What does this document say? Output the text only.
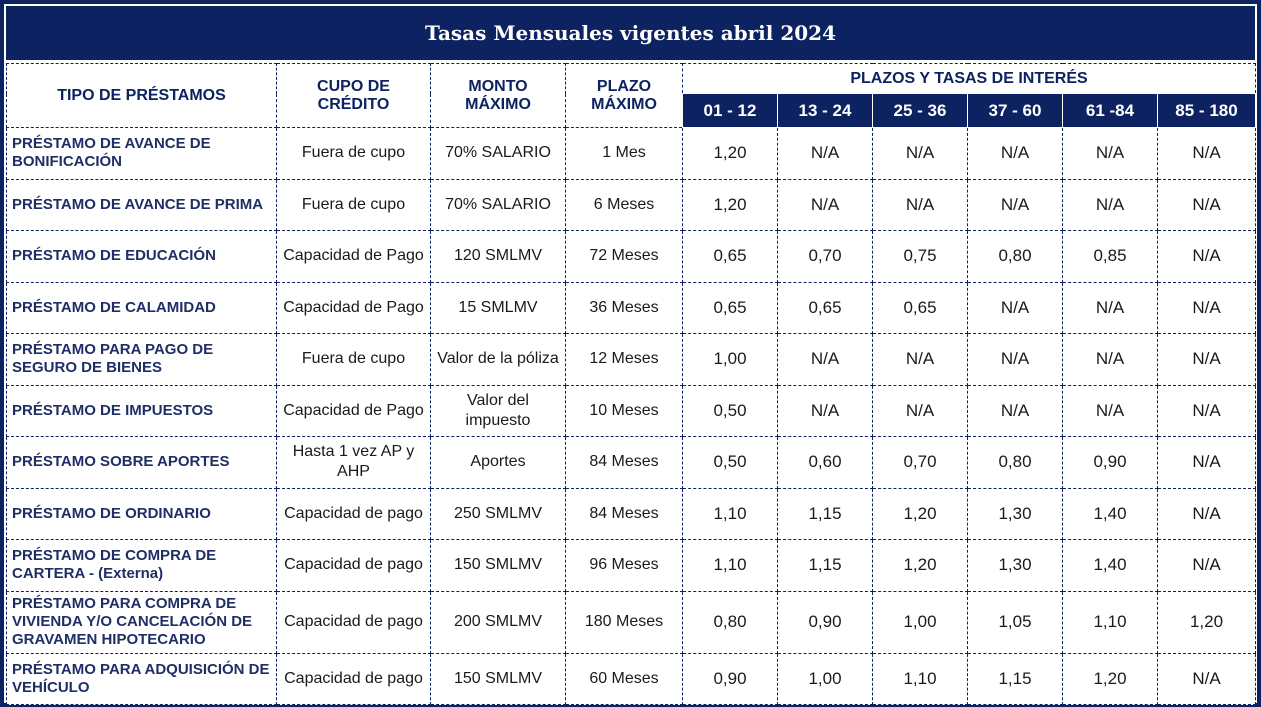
Tasas Mensuales vigentes abril 2024
TIPO DE PRÉSTAMOS	CUPO DE CRÉDITO	MONTO MÁXIMO	PLAZO MÁXIMO	PLAZOS Y TASAS DE INTERÉS					
				01 - 12	13 - 24	25 - 36	37 - 60	61 -84	85 - 180
PRÉSTAMO DE AVANCE DE BONIFICACIÓN	Fuera de cupo	70% SALARIO	1 Mes	1,20	N/A	N/A	N/A	N/A	N/A
PRÉSTAMO DE AVANCE DE PRIMA	Fuera de cupo	70% SALARIO	6 Meses	1,20	N/A	N/A	N/A	N/A	N/A
PRÉSTAMO DE EDUCACIÓN	Capacidad de Pago	120 SMLMV	72 Meses	0,65	0,70	0,75	0,80	0,85	N/A
PRÉSTAMO DE CALAMIDAD	Capacidad de Pago	15 SMLMV	36 Meses	0,65	0,65	0,65	N/A	N/A	N/A
PRÉSTAMO PARA PAGO DE SEGURO DE BIENES	Fuera de cupo	Valor de la póliza	12 Meses	1,00	N/A	N/A	N/A	N/A	N/A
PRÉSTAMO DE IMPUESTOS	Capacidad de Pago	Valor del impuesto	10 Meses	0,50	N/A	N/A	N/A	N/A	N/A
PRÉSTAMO SOBRE APORTES	Hasta 1 vez AP y AHP	Aportes	84 Meses	0,50	0,60	0,70	0,80	0,90	N/A
PRÉSTAMO DE ORDINARIO	Capacidad de pago	250 SMLMV	84 Meses	1,10	1,15	1,20	1,30	1,40	N/A
PRÉSTAMO DE COMPRA DE CARTERA - (Externa)	Capacidad de pago	150 SMLMV	96 Meses	1,10	1,15	1,20	1,30	1,40	N/A
PRÉSTAMO PARA COMPRA DE VIVIENDA Y/O CANCELACIÓN DE GRAVAMEN HIPOTECARIO	Capacidad de pago	200 SMLMV	180 Meses	0,80	0,90	1,00	1,05	1,10	1,20
PRÉSTAMO PARA ADQUISICIÓN DE VEHÍCULO	Capacidad de pago	150 SMLMV	60 Meses	0,90	1,00	1,10	1,15	1,20	N/A
